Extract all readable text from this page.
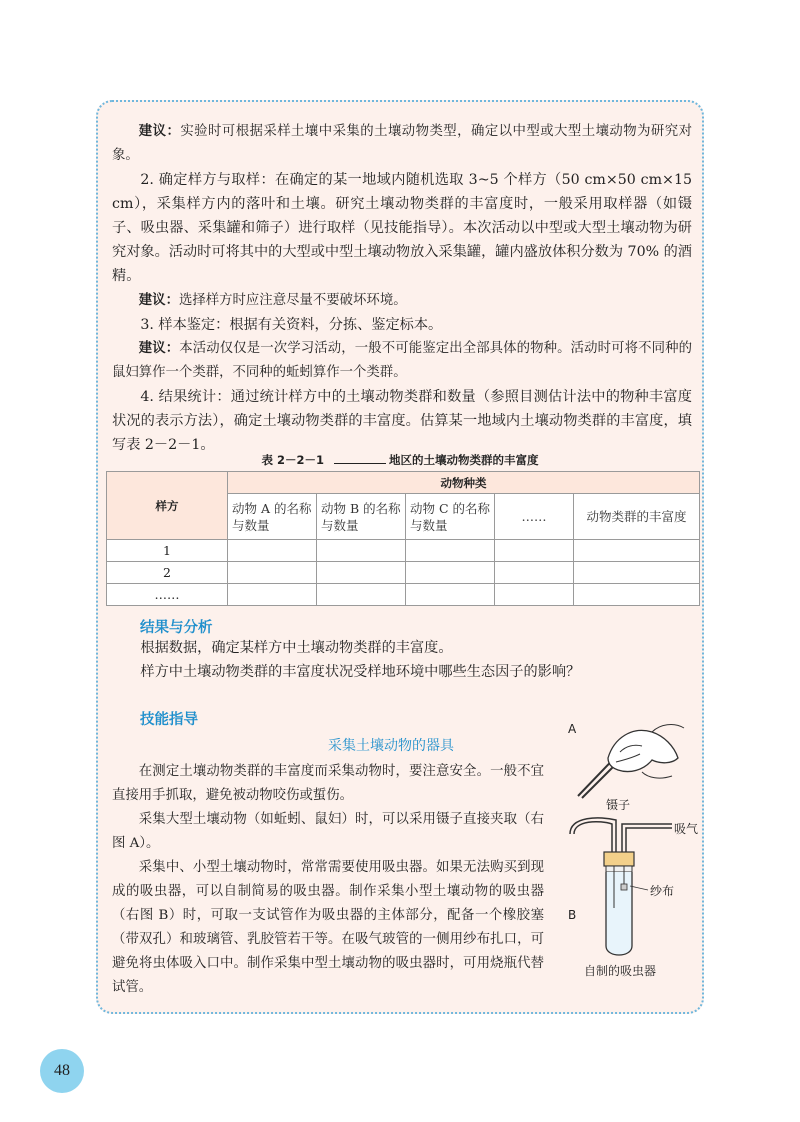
建议：实验时可根据采样土壤中采集的土壤动物类型，确定以中型或大型土壤动物为研究对象。

2. 确定样方与取样：在确定的某一地域内随机选取 3~5 个样方（50 cm×50 cm×15 cm），采集样方内的落叶和土壤。研究土壤动物类群的丰富度时，一般采用取样器（如镊子、吸虫器、采集罐和筛子）进行取样（见技能指导）。本次活动以中型或大型土壤动物为研究对象。活动时可将其中的大型或中型土壤动物放入采集罐，罐内盛放体积分数为 70% 的酒精。

建议：选择样方时应注意尽量不要破坏环境。

3. 样本鉴定：根据有关资料，分拣、鉴定标本。

建议：本活动仅仅是一次学习活动，一般不可能鉴定出全部具体的物种。活动时可将不同种的鼠妇算作一个类群，不同种的蚯蚓算作一个类群。

4. 结果统计：通过统计样方中的土壤动物类群和数量（参照目测估计法中的物种丰富度状况的表示方法），确定土壤动物类群的丰富度。估算某一地域内土壤动物类群的丰富度，填写表 2－2－1。

表 2－2－1	地区的土壤动物类群的丰富度
样方	动物种类				
	动物 A 的名称与数量	动物 B 的名称与数量	动物 C 的名称与数量	……	动物类群的丰富度
1					
2					
……					
结果与分析

根据数据，确定某样方中土壤动物类群的丰富度。

样方中土壤动物类群的丰富度状况受样地环境中哪些生态因子的影响？

技能指导
采集土壤动物的器具

在测定土壤动物类群的丰富度而采集动物时，要注意安全。一般不宜直接用手抓取，避免被动物咬伤或蜇伤。

采集大型土壤动物（如蚯蚓、鼠妇）时，可以采用镊子直接夹取（右图 A）。

采集中、小型土壤动物时，常常需要使用吸虫器。如果无法购买到现成的吸虫器，可以自制简易的吸虫器。制作采集小型土壤动物的吸虫器（右图 B）时，可取一支试管作为吸虫器的主体部分，配备一个橡胶塞（带双孔）和玻璃管、乳胶管若干等。在吸气玻管的一侧用纱布扎口，可避免将虫体吸入口中。制作采集中型土壤动物的吸虫器时，可用烧瓶代替试管。

A
镊子
吸气
纱布
B
自制的吸虫器
48
